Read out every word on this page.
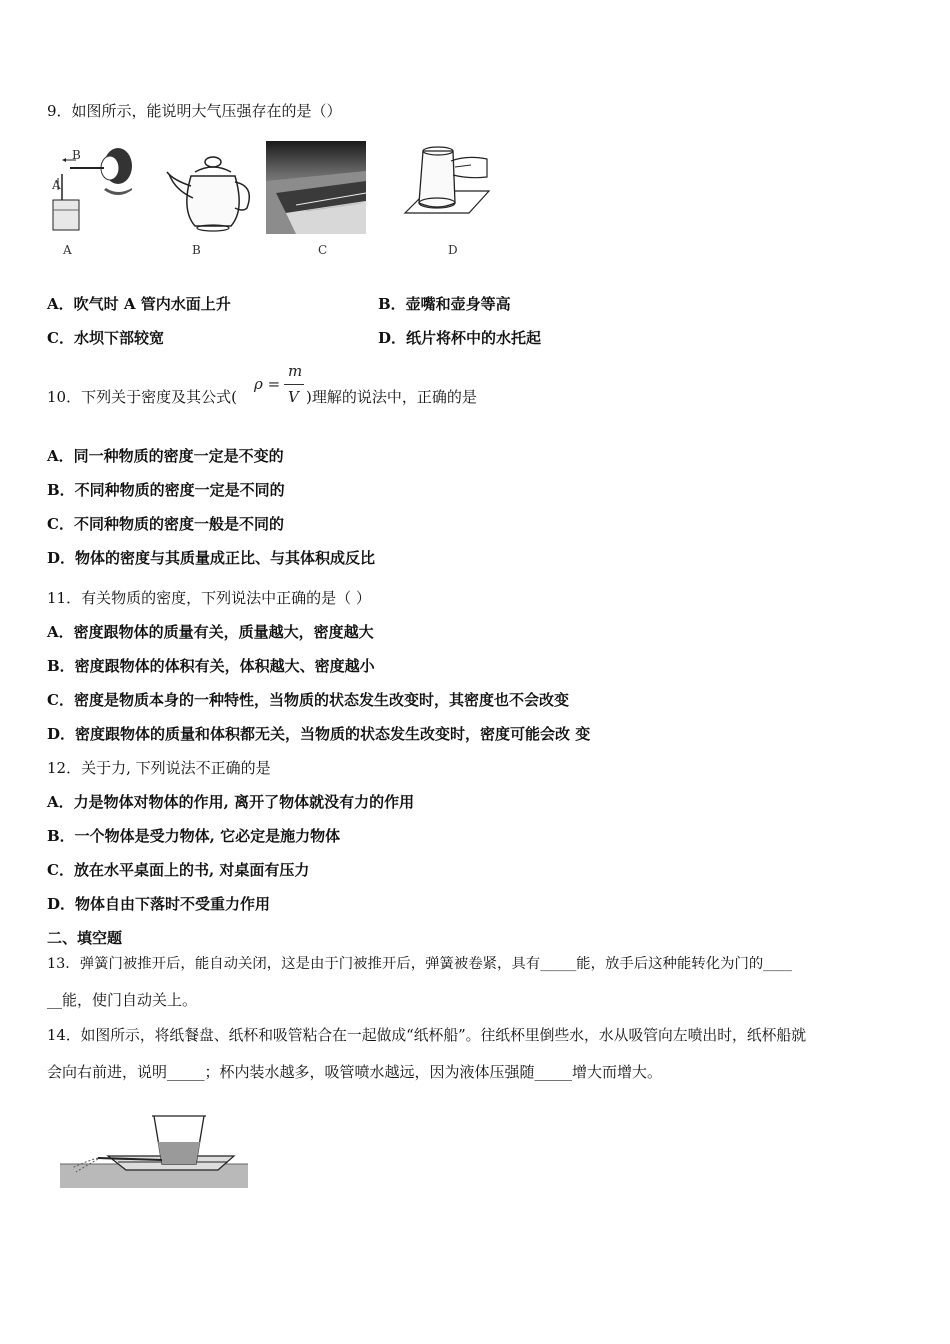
9．如图所示，能说明大气压强存在的是（）
B
A
A	B	C	D
A．吹气时 A 管内水面上升	B．壶嘴和壶身等高
C．水坝下部较宽	D．纸片将杯中的水托起
10．下列关于密度及其公式(
ρ =
m
V )理解的说法中，正确的是
A．同一种物质的密度一定是不变的
B．不同种物质的密度一定是不同的
C．不同种物质的密度一般是不同的
D．物体的密度与其质量成正比、与其体积成反比
11．有关物质的密度，下列说法中正确的是（ ）
A．密度跟物体的质量有关，质量越大，密度越大
B．密度跟物体的体积有关，体积越大、密度越小
C．密度是物质本身的一种特性，当物质的状态发生改变时，其密度也不会改变
D．密度跟物体的质量和体积都无关，当物质的状态发生改变时，密度可能会改 变
12．关于力, 下列说法不正确的是
A．力是物体对物体的作用, 离开了物体就没有力的作用
B．一个物体是受力物体, 它必定是施力物体
C．放在水平桌面上的书, 对桌面有压力
D．物体自由下落时不受重力作用
二、填空题
13．弹簧门被推开后，能自动关闭，这是由于门被推开后，弹簧被卷紧，具有_____能，放手后这种能转化为门的____
__能，使门自动关上。
14．如图所示，将纸餐盘、纸杯和吸管粘合在一起做成“纸杯船”。往纸杯里倒些水，水从吸管向左喷出时，纸杯船就
会向右前进，说明_____；杯内装水越多，吸管喷水越远，因为液体压强随_____增大而增大。
